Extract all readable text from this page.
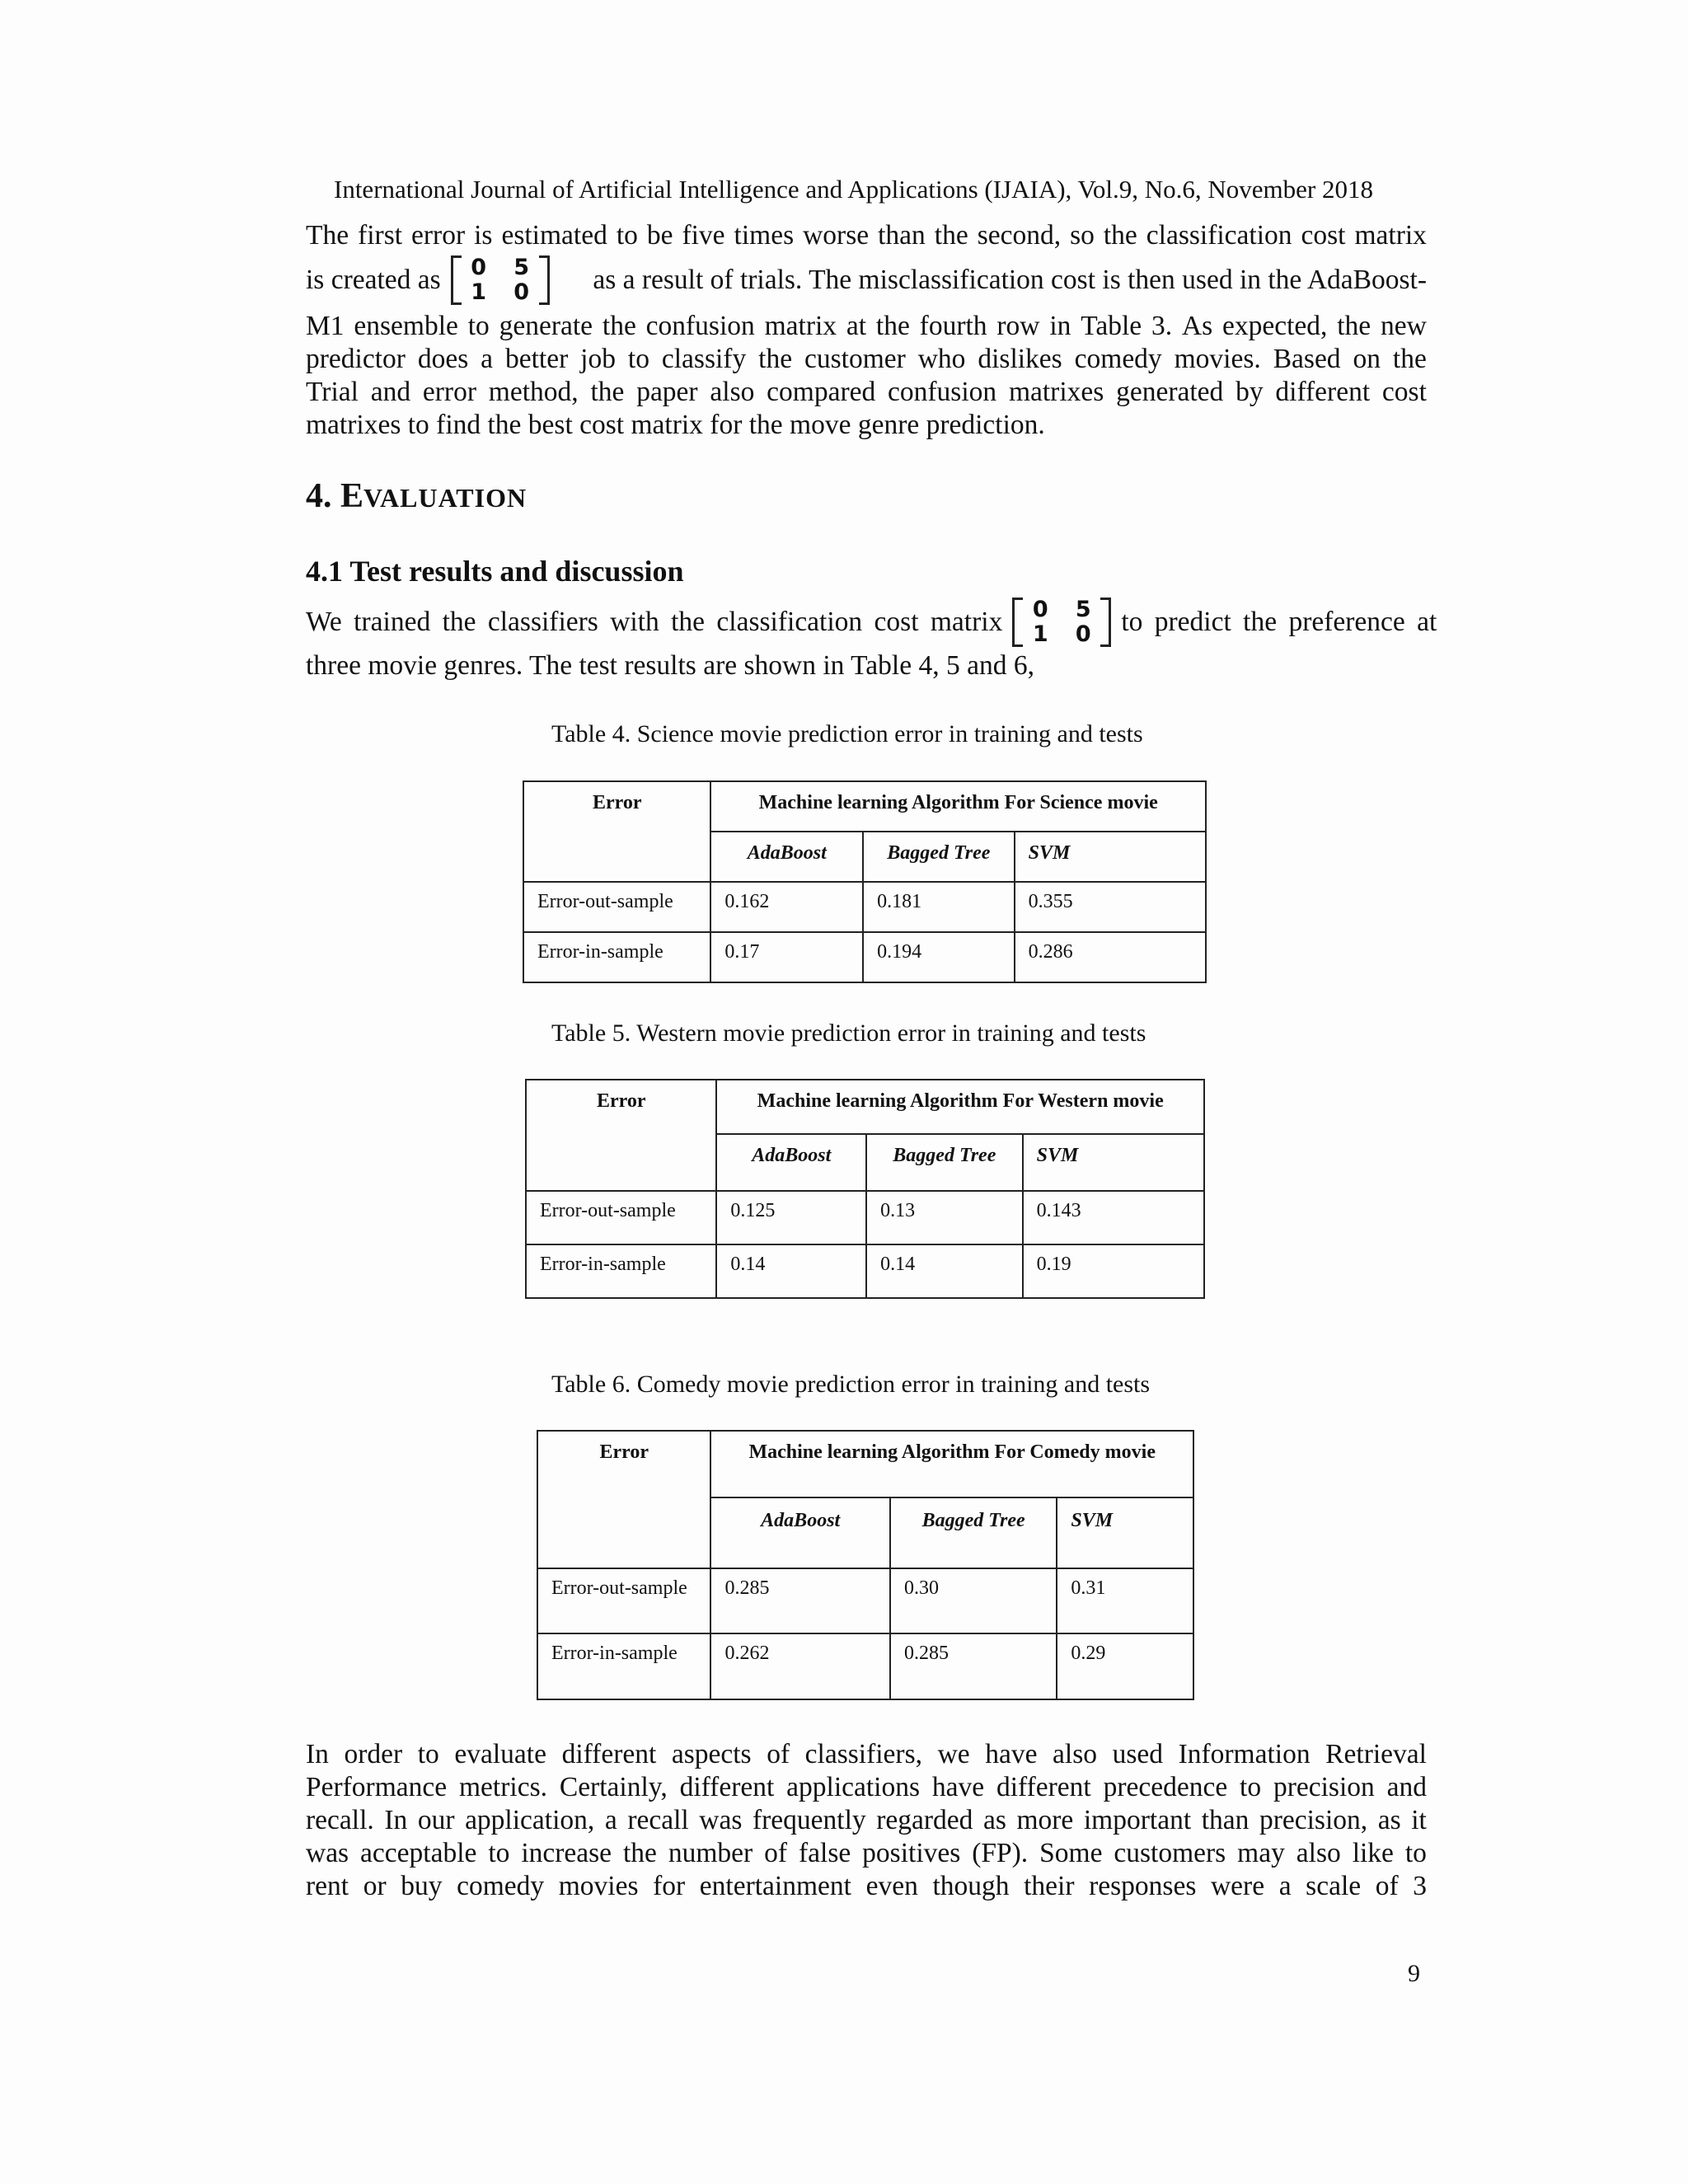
International Journal of Artificial Intelligence and Applications (IJAIA), Vol.9, No.6, November 2018
The first error is estimated to be five times worse than the second, so the classification cost matrix
is created as 0 5
1 0 as a result of trials. The misclassification cost is then used in the AdaBoost-
M1 ensemble to generate the confusion matrix at the fourth row in Table 3. As expected, the new
predictor does a better job to classify the customer who dislikes comedy movies. Based on the
Trial and error method, the paper also compared confusion matrixes generated by different cost
matrixes to find the best cost matrix for the move genre prediction.
4. EVALUATION
4.1 Test results and discussion
We trained the classifiers with the classification cost matrix 0 5
1 0 to predict the preference at
three movie genres. The test results are shown in Table 4, 5 and 6,
Table 4. Science movie prediction error in training and tests
Error	Machine learning Algorithm For Science movie		
	AdaBoost	Bagged Tree	SVM
Error-out-sample	0.162	0.181	0.355
Error-in-sample	0.17	0.194	0.286
Table 5. Western movie prediction error in training and tests
Error	Machine learning Algorithm For Western movie		
	AdaBoost	Bagged Tree	SVM
Error-out-sample	0.125	0.13	0.143
Error-in-sample	0.14	0.14	0.19
Table 6. Comedy movie prediction error in training and tests
Error	Machine learning Algorithm For Comedy movie		
	AdaBoost	Bagged Tree	SVM
Error-out-sample	0.285	0.30	0.31
Error-in-sample	0.262	0.285	0.29
In order to evaluate different aspects of classifiers, we have also used Information Retrieval
Performance metrics. Certainly, different applications have different precedence to precision and
recall. In our application, a recall was frequently regarded as more important than precision, as it
was acceptable to increase the number of false positives (FP). Some customers may also like to
rent or buy comedy movies for entertainment even though their responses were a scale of 3
9
